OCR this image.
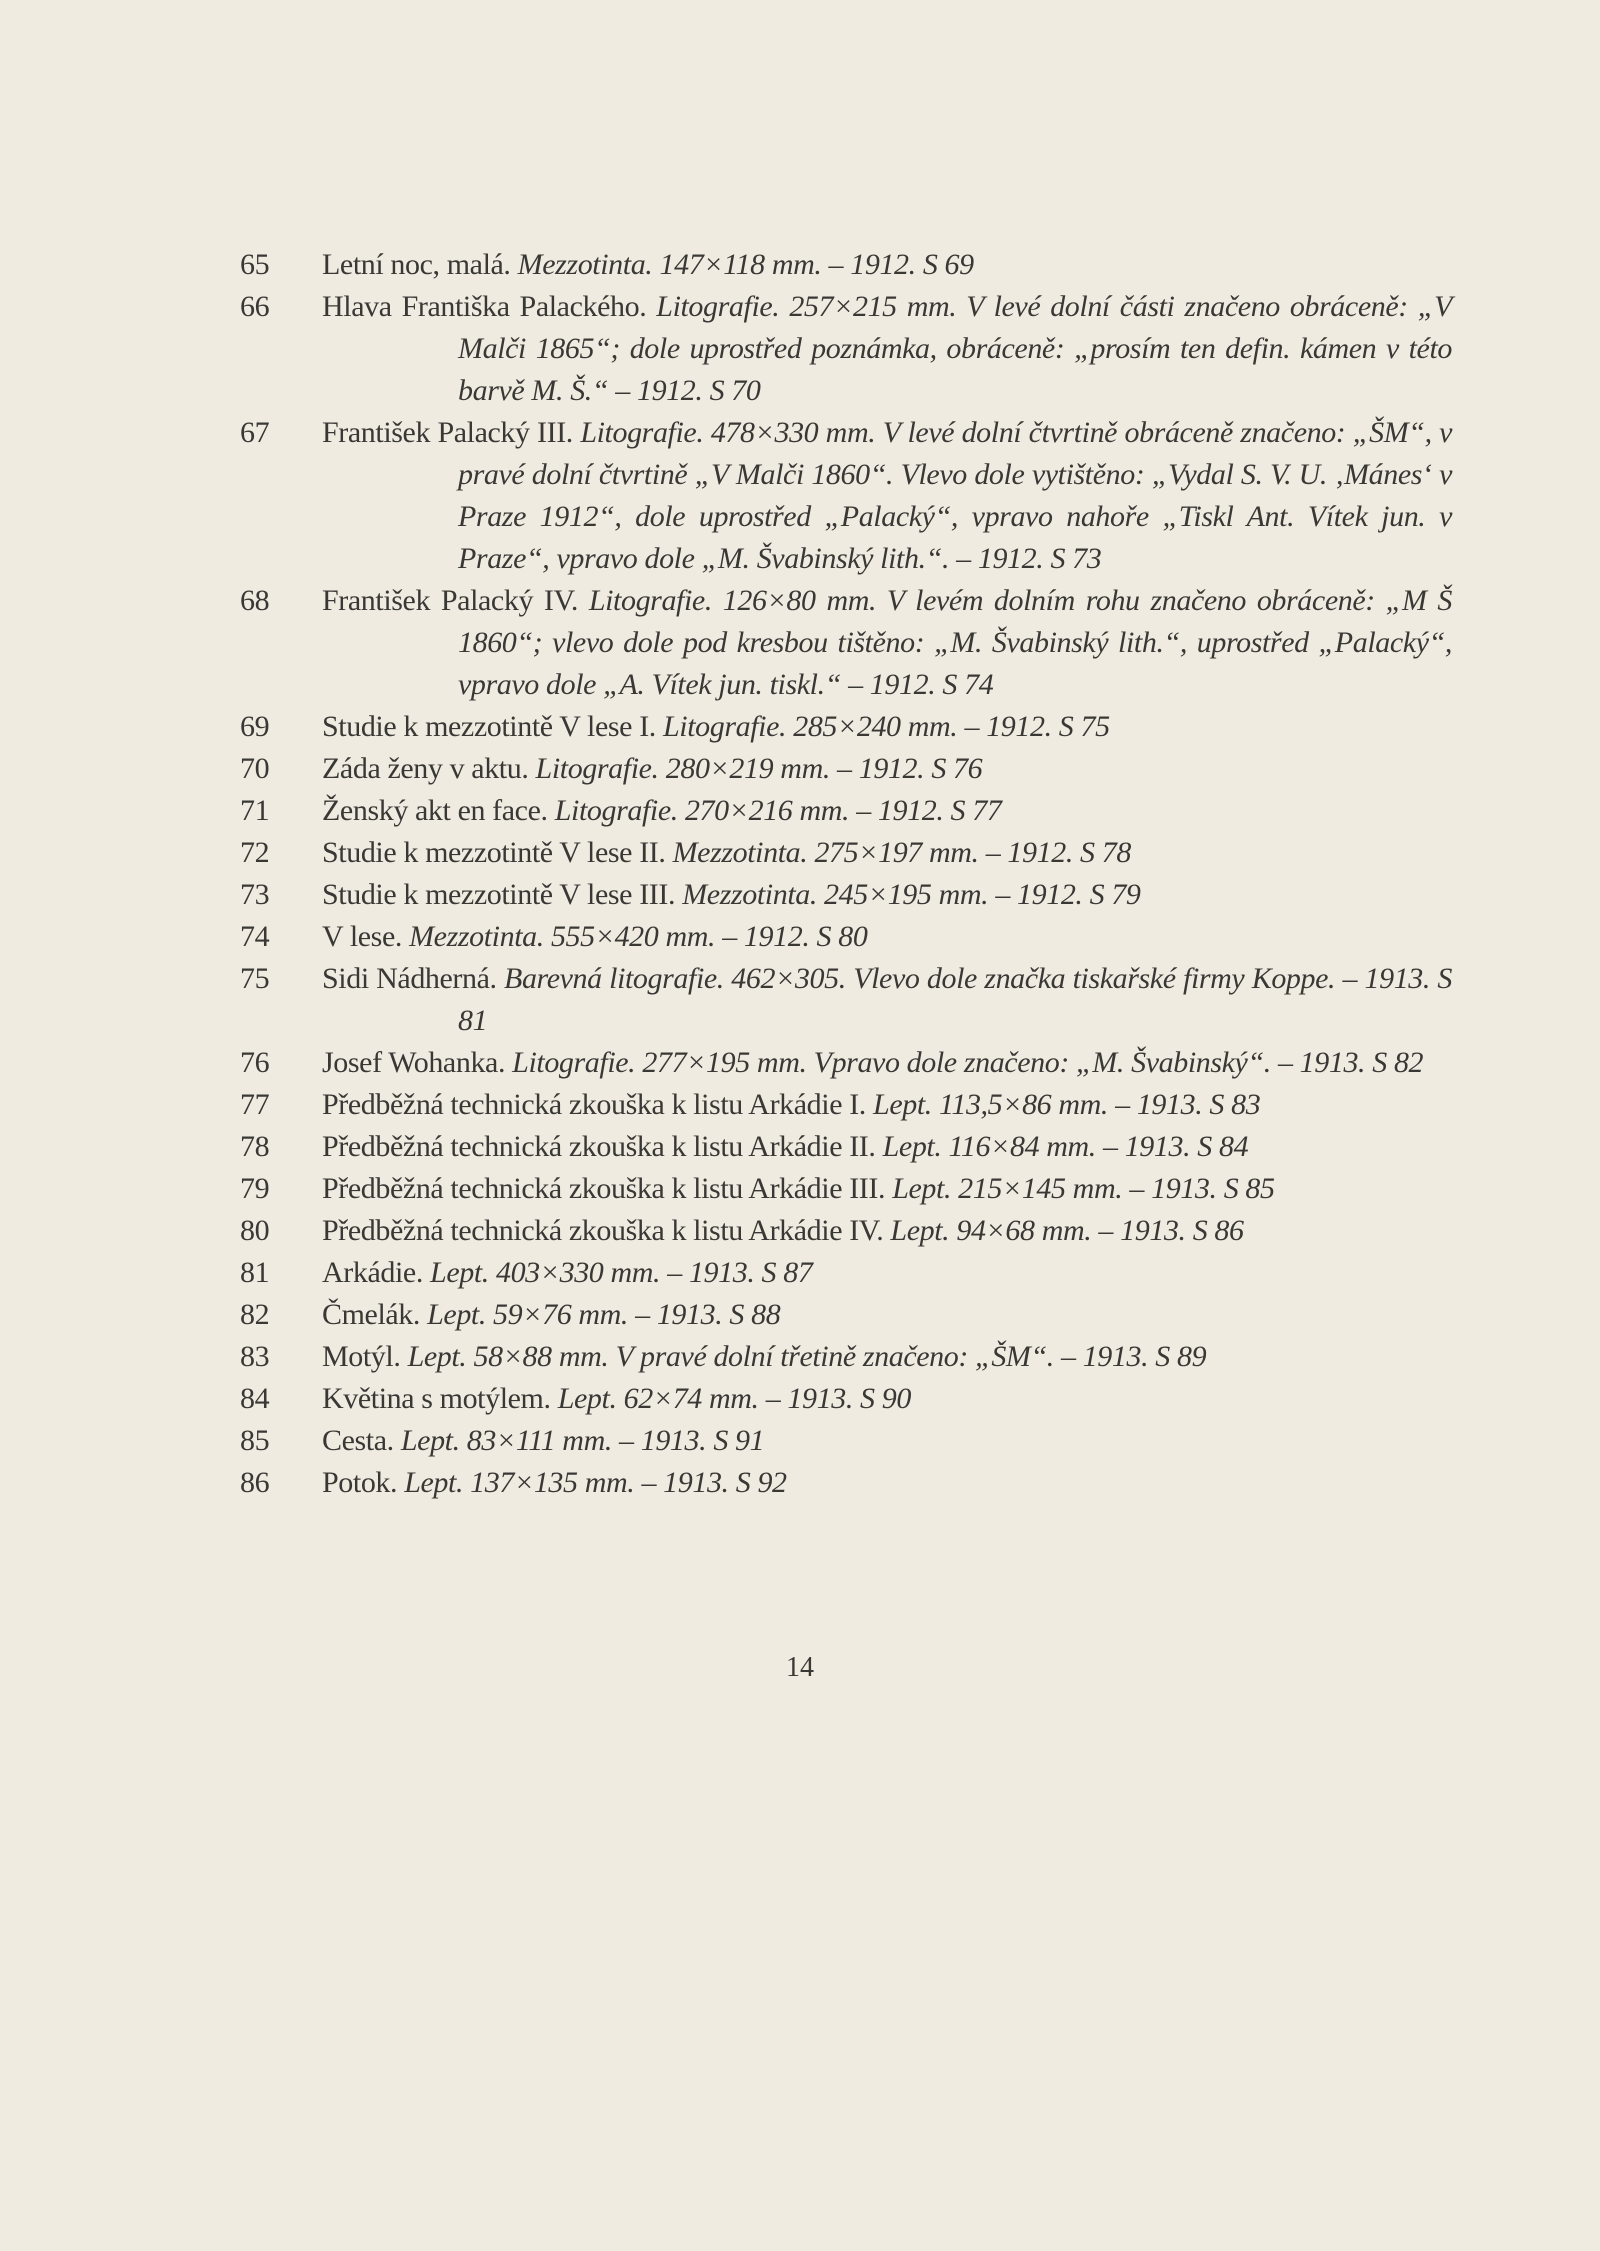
65	Letní noc, malá. Mezzotinta. 147×118 mm. – 1912. S 69
66	Hlava Františka Palackého. Litografie. 257×215 mm. V levé dolní části značeno obráceně: „V Malči 1865“; dole uprostřed poznámka, obráceně: „prosím ten defin. kámen v této barvě M. Š.“ – 1912. S 70
67	František Palacký III. Litografie. 478×330 mm. V levé dolní čtvrtině obráceně značeno: „ŠM“, v pravé dolní čtvrtině „V Malči 1860“. Vlevo dole vytištěno: „Vydal S. V. U. ‚Mánes‘ v Praze 1912“, dole uprostřed „Palacký“, vpravo nahoře „Tiskl Ant. Vítek jun. v Praze“, vpravo dole „M. Švabinský lith.“. – 1912. S 73
68	František Palacký IV. Litografie. 126×80 mm. V levém dolním rohu značeno obráceně: „M Š 1860“; vlevo dole pod kresbou tištěno: „M. Švabinský lith.“, uprostřed „Palacký“, vpravo dole „A. Vítek jun. tiskl.“ – 1912. S 74
69	Studie k mezzotintě V lese I. Litografie. 285×240 mm. – 1912. S 75
70	Záda ženy v aktu. Litografie. 280×219 mm. – 1912. S 76
71	Ženský akt en face. Litografie. 270×216 mm. – 1912. S 77
72	Studie k mezzotintě V lese II. Mezzotinta. 275×197 mm. – 1912. S 78
73	Studie k mezzotintě V lese III. Mezzotinta. 245×195 mm. – 1912. S 79
74	V lese. Mezzotinta. 555×420 mm. – 1912. S 80
75	Sidi Nádherná. Barevná litografie. 462×305. Vlevo dole značka tiskařské firmy Koppe. – 1913. S 81
76	Josef Wohanka. Litografie. 277×195 mm. Vpravo dole značeno: „M. Švabinský“. – 1913. S 82
77	Předběžná technická zkouška k listu Arkádie I. Lept. 113,5×86 mm. – 1913. S 83
78	Předběžná technická zkouška k listu Arkádie II. Lept. 116×84 mm. – 1913. S 84
79	Předběžná technická zkouška k listu Arkádie III. Lept. 215×145 mm. – 1913. S 85
80	Předběžná technická zkouška k listu Arkádie IV. Lept. 94×68 mm. – 1913. S 86
81	Arkádie. Lept. 403×330 mm. – 1913. S 87
82	Čmelák. Lept. 59×76 mm. – 1913. S 88
83	Motýl. Lept. 58×88 mm. V pravé dolní třetině značeno: „ŠM“. – 1913. S 89
84	Květina s motýlem. Lept. 62×74 mm. – 1913. S 90
85	Cesta. Lept. 83×111 mm. – 1913. S 91
86	Potok. Lept. 137×135 mm. – 1913. S 92
14
